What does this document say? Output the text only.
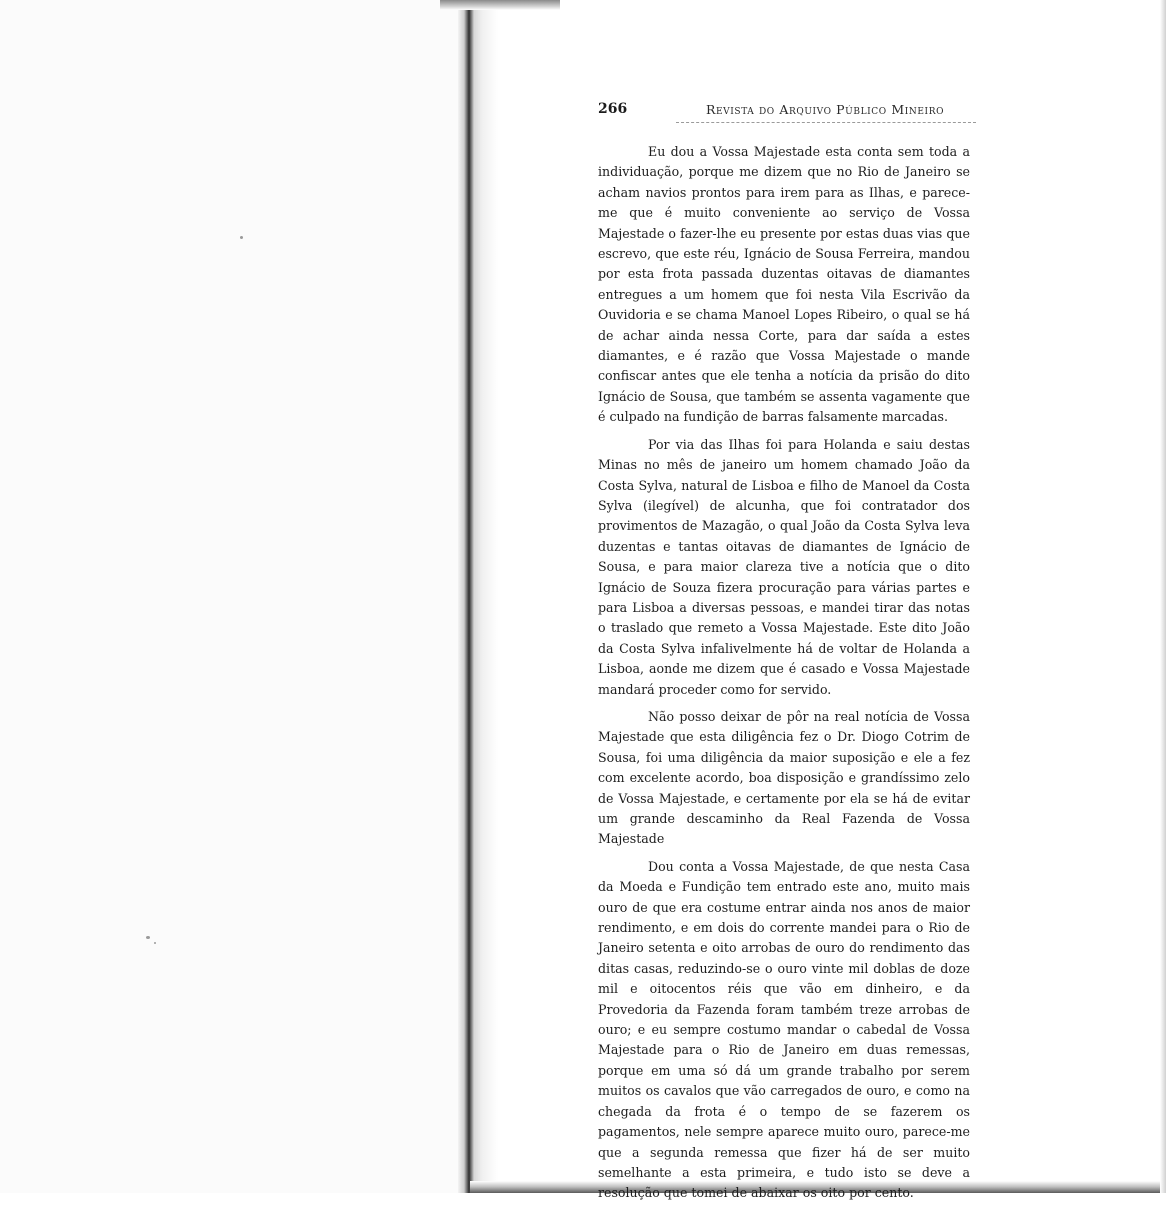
266	Revista do Arquivo Público Mineiro

Eu dou a Vossa Majestade esta conta sem toda a individuação, porque me dizem que no Rio de Janeiro se acham navios prontos para irem para as Ilhas, e parece-me que é muito conveniente ao serviço de Vossa Majestade o fazer-lhe eu presente por estas duas vias que escrevo, que este réu, Ignácio de Sousa Ferreira, mandou por esta frota passada duzentas oitavas de diamantes entregues a um homem que foi nesta Vila Escrivão da Ouvidoria e se chama Manoel Lopes Ribeiro, o qual se há de achar ainda nessa Corte, para dar saída a estes diamantes, e é razão que Vossa Majestade o mande confiscar antes que ele tenha a notícia da prisão do dito Ignácio de Sousa, que também se assenta vagamente que é culpado na fundição de barras falsamente marcadas.

Por via das Ilhas foi para Holanda e saiu destas Minas no mês de janeiro um homem chamado João da Costa Sylva, natural de Lisboa e filho de Manoel da Costa Sylva (ilegível) de alcunha, que foi contratador dos provimentos de Mazagão, o qual João da Costa Sylva leva duzentas e tantas oitavas de diamantes de Ignácio de Sousa, e para maior clareza tive a notícia que o dito Ignácio de Souza fizera procuração para várias partes e para Lisboa a diversas pessoas, e mandei tirar das notas o traslado que remeto a Vossa Majestade. Este dito João da Costa Sylva infalivelmente há de voltar de Holanda a Lisboa, aonde me dizem que é casado e Vossa Majestade mandará proceder como for servido.

Não posso deixar de pôr na real notícia de Vossa Majestade que esta diligência fez o Dr. Diogo Cotrim de Sousa, foi uma diligência da maior suposição e ele a fez com excelente acordo, boa disposição e grandíssimo zelo de Vossa Majestade, e certamente por ela se há de evitar um grande descaminho da Real Fazenda de Vossa Majestade

Dou conta a Vossa Majestade, de que nesta Casa da Moeda e Fundição tem entrado este ano, muito mais ouro de que era costume entrar ainda nos anos de maior rendimento, e em dois do corrente mandei para o Rio de Janeiro setenta e oito arrobas de ouro do rendimento das ditas casas, reduzindo-se o ouro vinte mil doblas de doze mil e oitocentos réis que vão em dinheiro, e da Provedoria da Fazenda foram também treze arrobas de ouro; e eu sempre costumo mandar o cabedal de Vossa Majestade para o Rio de Janeiro em duas remessas, porque em uma só dá um grande trabalho por serem muitos os cavalos que vão carregados de ouro, e como na chegada da frota é o tempo de se fazerem os pagamentos, nele sempre aparece muito ouro, parece-me que a segunda remessa que fizer há de ser muito semelhante a esta primeira, e tudo isto se deve a resolução que tomei de abaixar os oito por cento.
